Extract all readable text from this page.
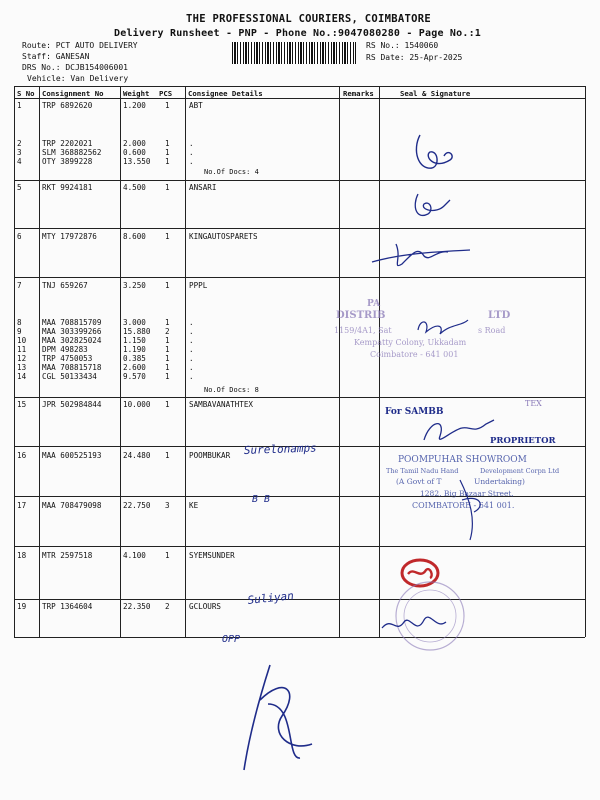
THE PROFESSIONAL COURIERS, COIMBATORE
Delivery Runsheet - PNP - Phone No.:9047080280 - Page No.:1
Route: PCT AUTO DELIVERY
Staff: GANESAN
DRS No.: DCJB154006001
Vehicle: Van Delivery
RS No.: 1540060
RS Date: 25-Apr-2025
S No Consignment No	Weight PCS Consignee Details	Remarks	Seal & Signature
1	TRP 6892620	1.200	1	ABT
2	TRP 2202021	2.000	1	.
3	SLM 368882562	0.600	1	.
4	OTY 3899228	13.550 1	.
No.Of Docs: 4
5	RKT 9924181	4.500	1	ANSARI
6	MTY 17972876	8.600	1	KINGAUTOSPARETS
7	TNJ 659267	3.250	1	PPPL
8	MAA 708815709	3.000	1	.
9	MAA 303399266	15.880 2	.
10 MAA 302825024	1.150	1	.
11 DPM 498283	1.190	1	.
12 TRP 4750053	0.385	1	.
13 MAA 708815718	2.600	1	.
14 CGL 50133434	9.570	1	.
No.Of Docs: 8
15 JPR 502984844	10.000 1	SAMBAVANATHTEX
16 MAA 600525193	24.480 1	POOMBUKAR
17 MAA 708479098	22.750 3	KE
18 MTR 2597518	4.100	1	SYEMSUNDER
19 TRP 1364604	22.350 2	GCLOURS
PA
DISTRIB	LTD
1159/4A1, Sat	s Road
Kempatty Colony, Ukkadam
Coimbatore - 641 001
For SAMBB
TEX
PROPRIETOR
POOMPUHAR SHOWROOM
The Tamil Nadu Hand	Development Corpn Ltd
(A Govt of T	Undertaking)
1282, Big Bazaar Street,
COIMBATORE - 641 001.
Surelonamps
B B
Suliyan
OPP
